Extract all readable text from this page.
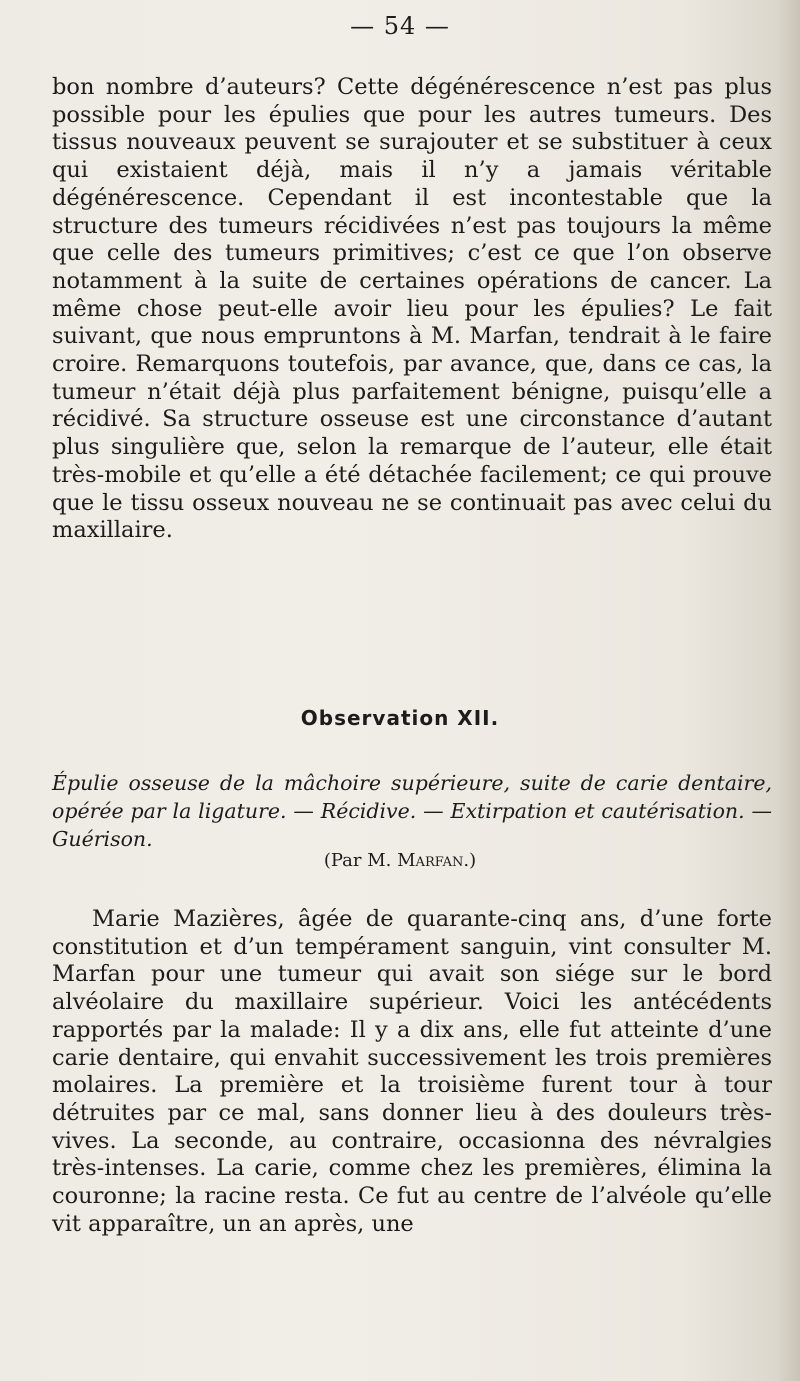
— 54 —

bon nombre d’auteurs? Cette dégénérescence n’est pas plus possible pour les épulies que pour les autres tumeurs. Des tissus nouveaux peuvent se surajouter et se substituer à ceux qui existaient déjà, mais il n’y a jamais véritable dégénérescence. Cependant il est incontestable que la structure des tumeurs récidivées n’est pas toujours la même que celle des tumeurs primitives; c’est ce que l’on observe notamment à la suite de certaines opérations de cancer. La même chose peut-elle avoir lieu pour les épulies? Le fait suivant, que nous empruntons à M. Marfan, tendrait à le faire croire. Remarquons toutefois, par avance, que, dans ce cas, la tumeur n’était déjà plus parfaitement bénigne, puisqu’elle a récidivé. Sa structure osseuse est une circonstance d’autant plus singulière que, selon la remarque de l’auteur, elle était très-mobile et qu’elle a été détachée facilement; ce qui prouve que le tissu osseux nouveau ne se continuait pas avec celui du maxillaire.

Observation XII.
Épulie osseuse de la mâchoire supérieure, suite de carie dentaire, opérée par la ligature. — Récidive. — Extirpation et cautérisation. — Guérison.
(Par M. Marfan.)

Marie Mazières, âgée de quarante-cinq ans, d’une forte constitution et d’un tempérament sanguin, vint consulter M. Marfan pour une tumeur qui avait son siége sur le bord alvéolaire du maxillaire supérieur. Voici les antécédents rapportés par la malade: Il y a dix ans, elle fut atteinte d’une carie dentaire, qui envahit successivement les trois premières molaires. La première et la troisième furent tour à tour détruites par ce mal, sans donner lieu à des douleurs très-vives. La seconde, au contraire, occasionna des névralgies très-intenses. La carie, comme chez les premières, élimina la couronne; la racine resta. Ce fut au centre de l’alvéole qu’elle vit apparaître, un an après, une
